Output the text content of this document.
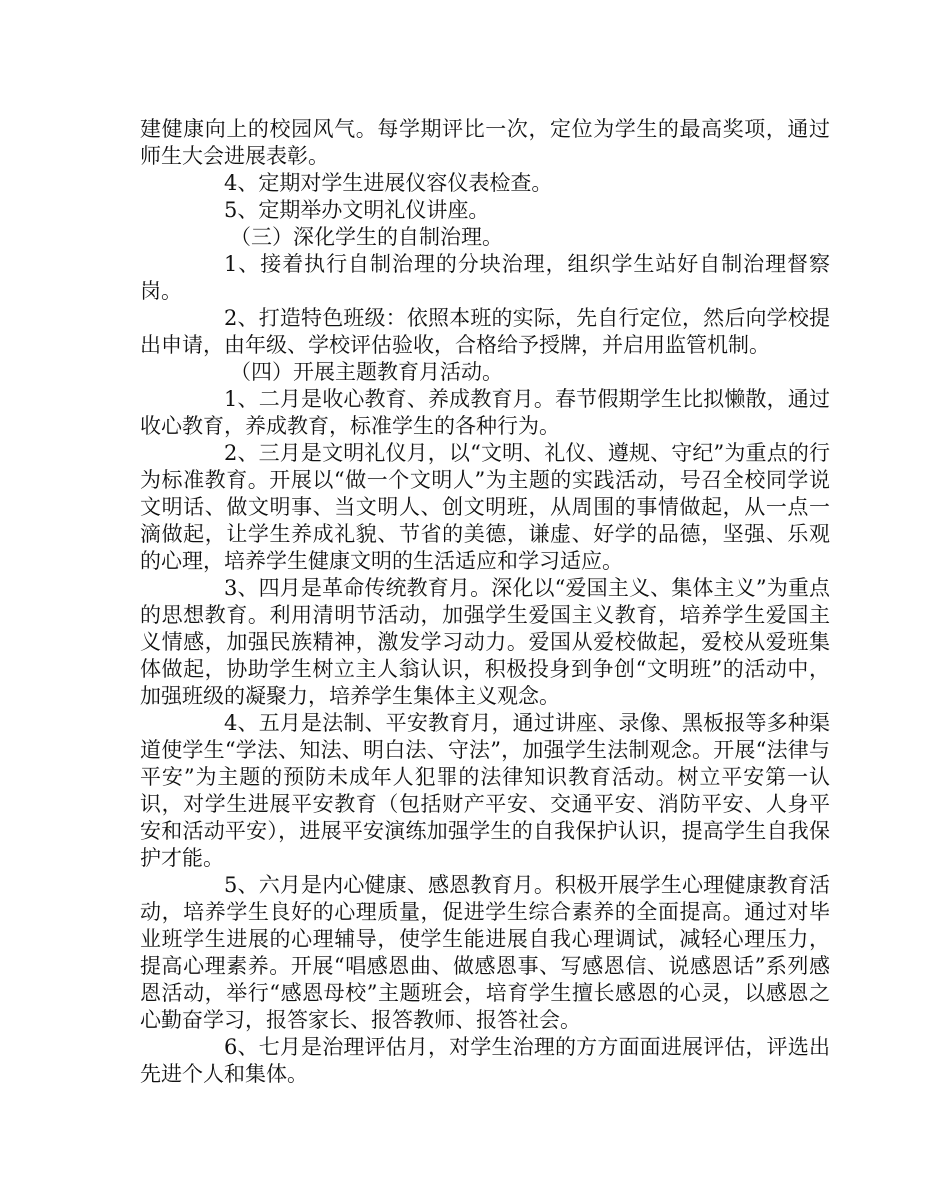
建健康向上的校园风气。每学期评比一次，定位为学生的最高奖项，通过师生大会进展表彰。

4、定期对学生进展仪容仪表检查。

5、定期举办文明礼仪讲座。

（三）深化学生的自制治理。

1、接着执行自制治理的分块治理，组织学生站好自制治理督察岗。

2、打造特色班级：依照本班的实际，先自行定位，然后向学校提出申请，由年级、学校评估验收，合格给予授牌，并启用监管机制。

（四）开展主题教育月活动。

1、二月是收心教育、养成教育月。春节假期学生比拟懒散，通过收心教育，养成教育，标准学生的各种行为。

2、三月是文明礼仪月，以“文明、礼仪、遵规、守纪”为重点的行为标准教育。开展以“做一个文明人”为主题的实践活动，号召全校同学说文明话、做文明事、当文明人、创文明班，从周围的事情做起，从一点一滴做起，让学生养成礼貌、节省的美德，谦虚、好学的品德，坚强、乐观的心理，培养学生健康文明的生活适应和学习适应。

3、四月是革命传统教育月。深化以“爱国主义、集体主义”为重点的思想教育。利用清明节活动，加强学生爱国主义教育，培养学生爱国主义情感，加强民族精神，激发学习动力。爱国从爱校做起，爱校从爱班集体做起，协助学生树立主人翁认识，积极投身到争创“文明班”的活动中，加强班级的凝聚力，培养学生集体主义观念。

4、五月是法制、平安教育月，通过讲座、录像、黑板报等多种渠道使学生“学法、知法、明白法、守法”，加强学生法制观念。开展“法律与平安”为主题的预防未成年人犯罪的法律知识教育活动。树立平安第一认识，对学生进展平安教育（包括财产平安、交通平安、消防平安、人身平安和活动平安），进展平安演练加强学生的自我保护认识，提高学生自我保护才能。

5、六月是内心健康、感恩教育月。积极开展学生心理健康教育活动，培养学生良好的心理质量，促进学生综合素养的全面提高。通过对毕业班学生进展的心理辅导，使学生能进展自我心理调试，减轻心理压力，提高心理素养。开展“唱感恩曲、做感恩事、写感恩信、说感恩话”系列感恩活动，举行“感恩母校”主题班会，培育学生擅长感恩的心灵，以感恩之心勤奋学习，报答家长、报答教师、报答社会。

6、七月是治理评估月，对学生治理的方方面面进展评估，评选出先进个人和集体。
